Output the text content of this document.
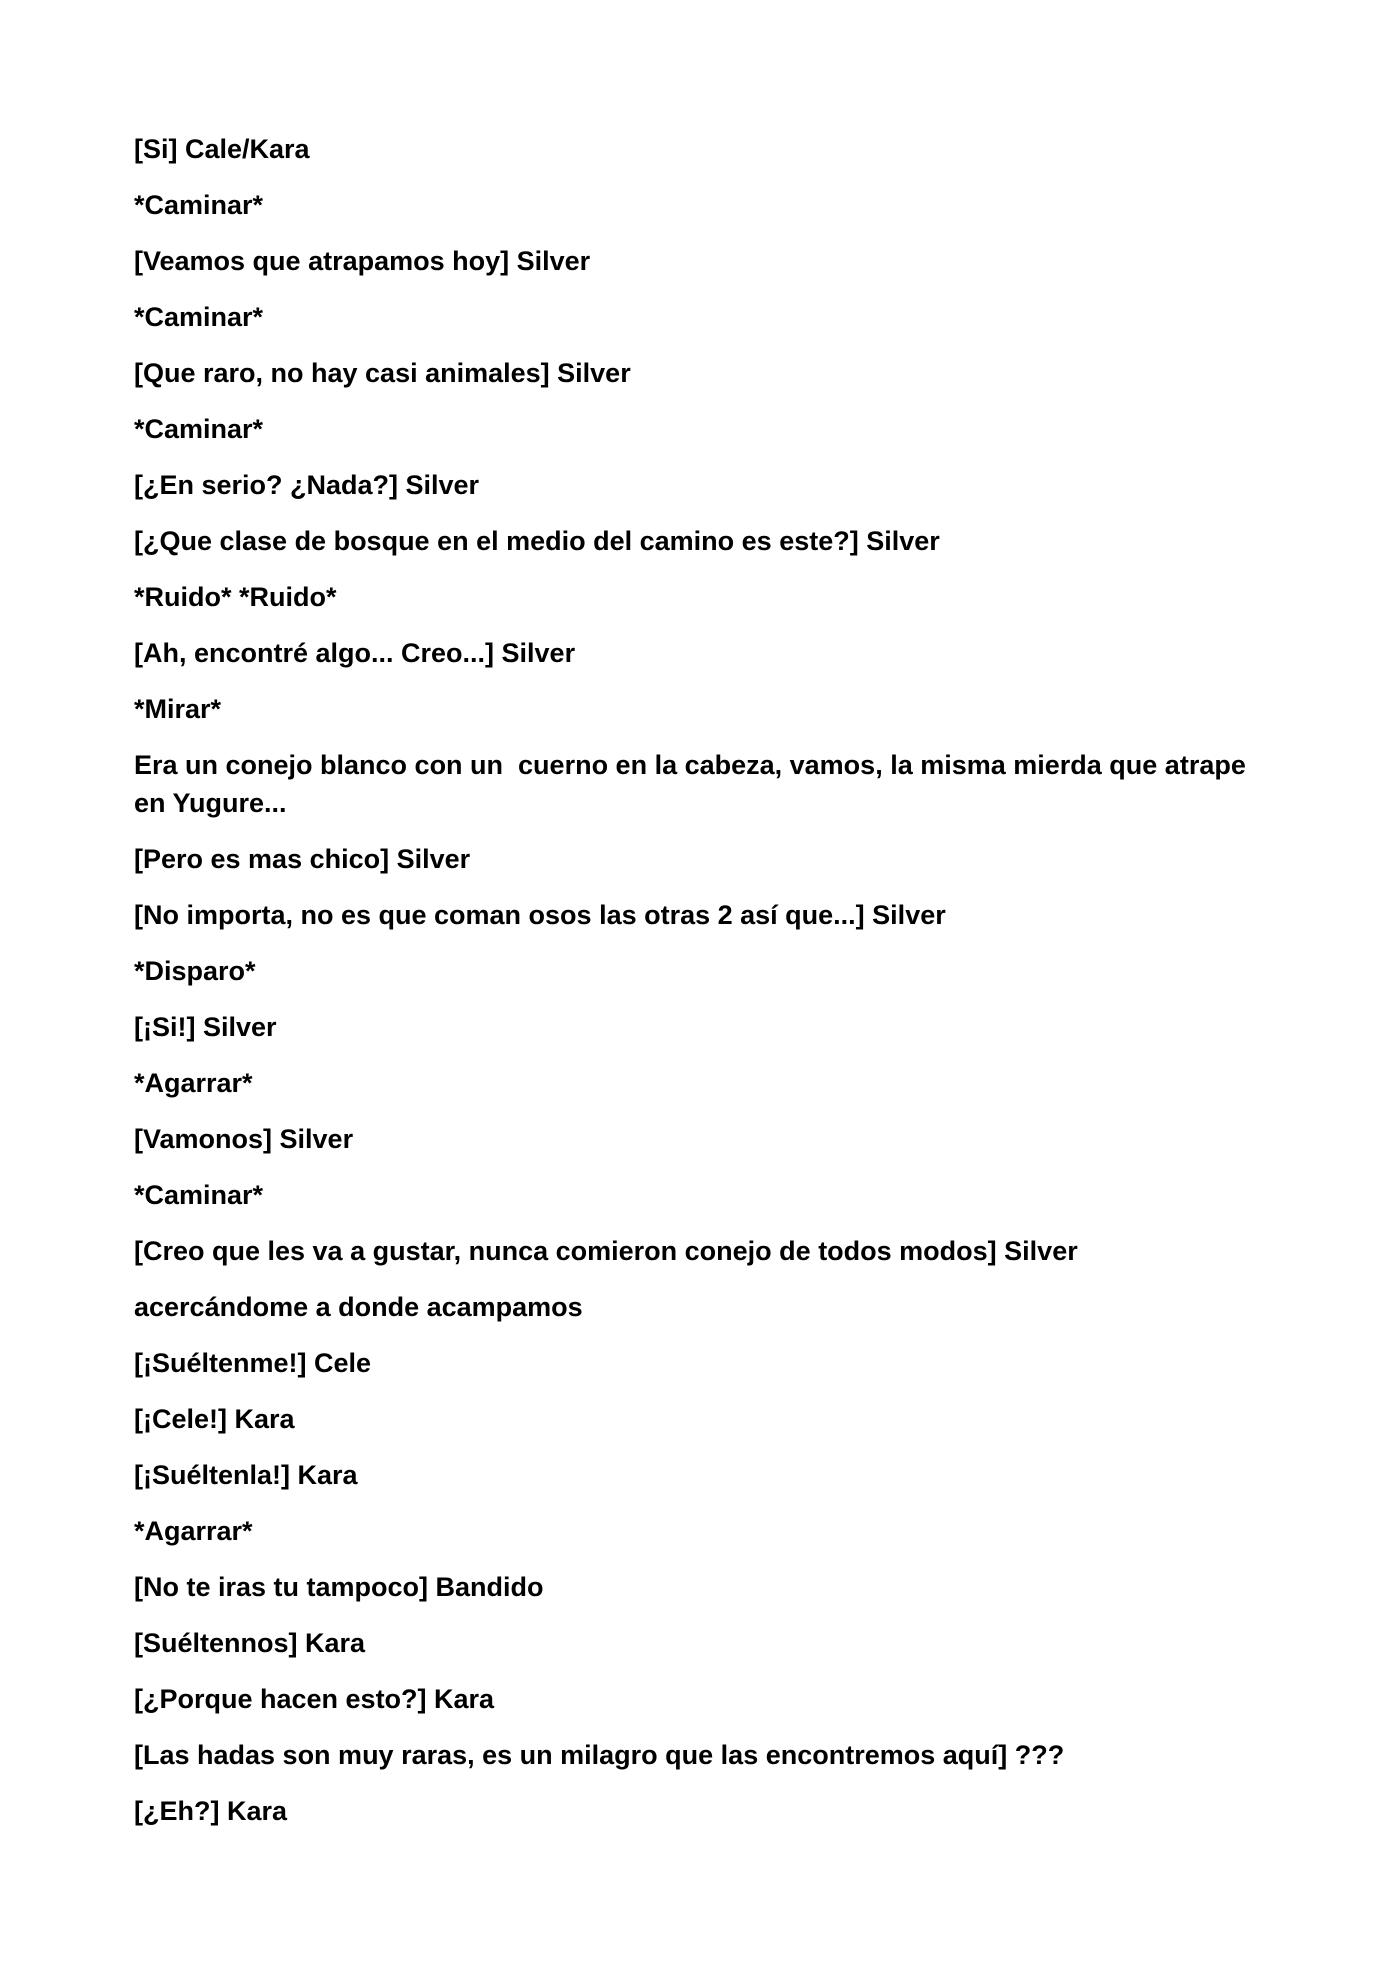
[Si] Cale/Kara

*Caminar*

[Veamos que atrapamos hoy] Silver

*Caminar*

[Que raro, no hay casi animales] Silver

*Caminar*

[¿En serio? ¿Nada?] Silver

[¿Que clase de bosque en el medio del camino es este?] Silver

*Ruido* *Ruido*

[Ah, encontré algo... Creo...] Silver

*Mirar*

Era un conejo blanco con un  cuerno en la cabeza, vamos, la misma mierda que atrape en Yugure...

[Pero es mas chico] Silver

[No importa, no es que coman osos las otras 2 así que...] Silver

*Disparo*

[¡Si!] Silver

*Agarrar*

[Vamonos] Silver

*Caminar*

[Creo que les va a gustar, nunca comieron conejo de todos modos] Silver

acercándome a donde acampamos

[¡Suéltenme!] Cele

[¡Cele!] Kara

[¡Suéltenla!] Kara

*Agarrar*

[No te iras tu tampoco] Bandido

[Suéltennos] Kara

[¿Porque hacen esto?] Kara

[Las hadas son muy raras, es un milagro que las encontremos aquí] ???

[¿Eh?] Kara
